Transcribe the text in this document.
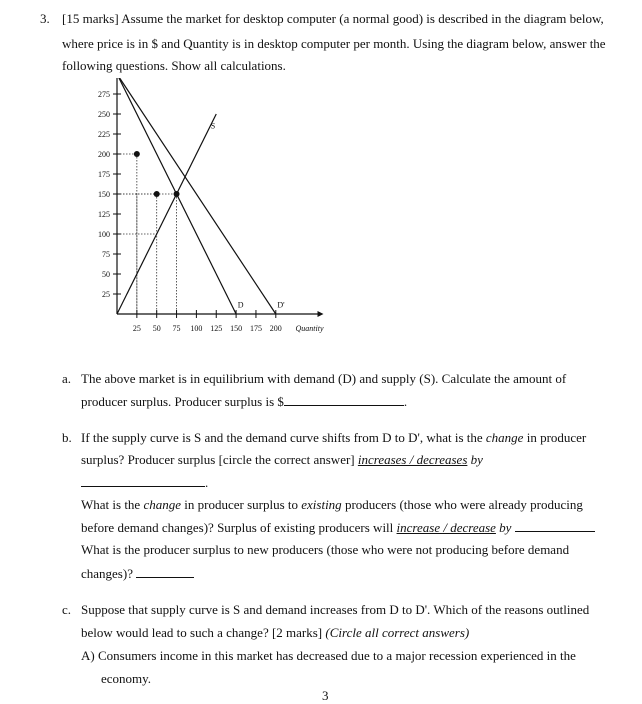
3. [15 marks] Assume the market for desktop computer (a normal good) is described in the diagram below,
where price is in $ and Quantity is in desktop computer per month. Using the diagram below, answer the
following questions. Show all calculations.
275
250
225
200
175
150
125
100
75
50
25
25 50 75 100 125 150 175 200 Quantity
S
D	D'
a. The above market is in equilibrium with demand (D) and supply (S). Calculate the amount of
producer surplus. Producer surplus is $	.
b. If the supply curve is S and the demand curve shifts from D to D', what is the change in producer
surplus? Producer surplus [circle the correct answer] increases / decreases by
.
What is the change in producer surplus to existing producers (those who were already producing
before demand changes)? Surplus of existing producers will increase / decrease by
What is the producer surplus to new producers (those who were not producing before demand
changes)?
c. Suppose that supply curve is S and demand increases from D to D'. Which of the reasons outlined
below would lead to such a change? [2 marks] (Circle all correct answers)
A) Consumers income in this market has decreased due to a major recession experienced in the
economy.
3
